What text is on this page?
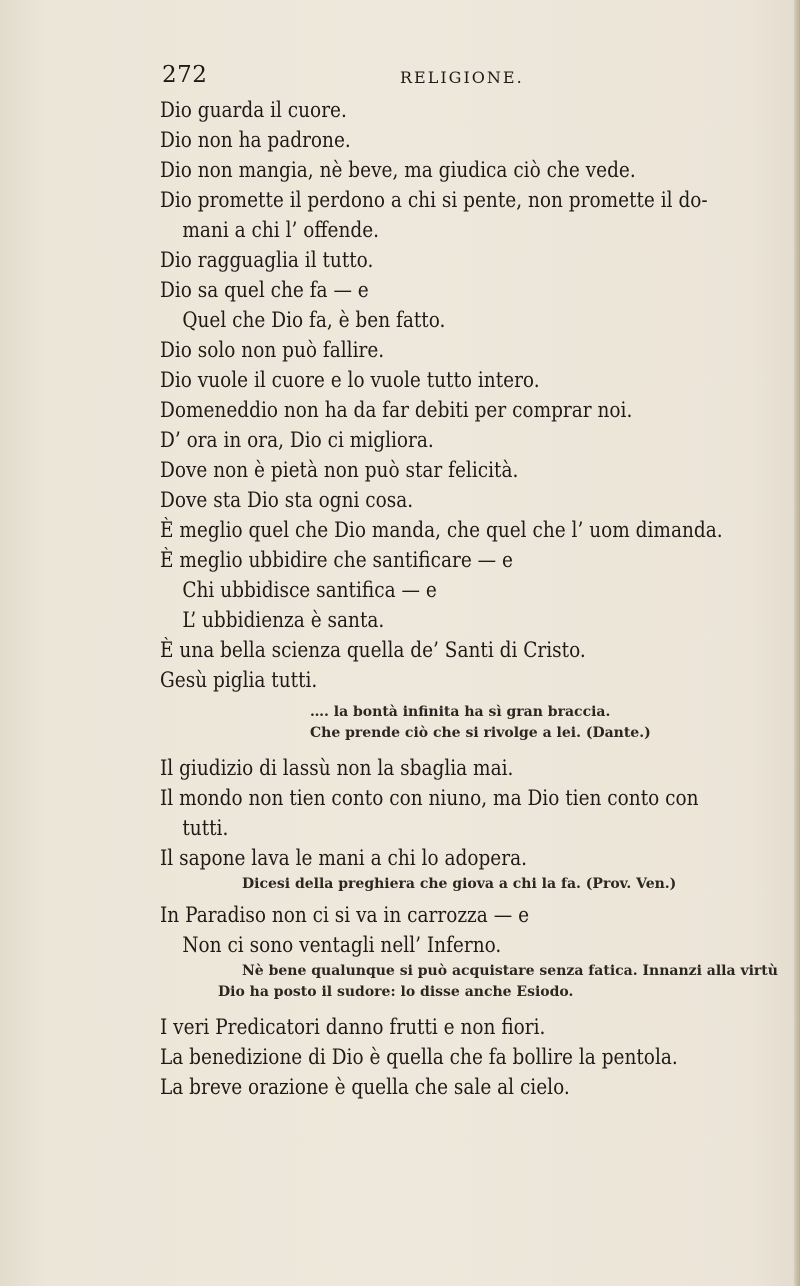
272	RELIGIONE.
Dio guarda il cuore.
Dio non ha padrone.
Dio non mangia, nè beve, ma giudica ciò che vede.
Dio promette il perdono a chi si pente, non promette il do-
mani a chi l’ offende.
Dio ragguaglia il tutto.
Dio sa quel che fa — e
Quel che Dio fa, è ben fatto.
Dio solo non può fallire.
Dio vuole il cuore e lo vuole tutto intero.
Domeneddio non ha da far debiti per comprar noi.
D’ ora in ora, Dio ci migliora.
Dove non è pietà non può star felicità.
Dove sta Dio sta ogni cosa.
È meglio quel che Dio manda, che quel che l’ uom dimanda.
È meglio ubbidire che santificare — e
Chi ubbidisce santifica — e
L’ ubbidienza è santa.
È una bella scienza quella de’ Santi di Cristo.
Gesù piglia tutti.
…. la bontà infinita ha sì gran braccia.
Che prende ciò che si rivolge a lei. (Dante.)
Il giudizio di lassù non la sbaglia mai.
Il mondo non tien conto con niuno, ma Dio tien conto con
tutti.
Il sapone lava le mani a chi lo adopera.
Dicesi della preghiera che giova a chi la fa. (Prov. Ven.)
In Paradiso non ci si va in carrozza — e
Non ci sono ventagli nell’ Inferno.
Nè bene qualunque si può acquistare senza fatica. Innanzi alla virtù
Dio ha posto il sudore: lo disse anche Esiodo.
I veri Predicatori danno frutti e non fiori.
La benedizione di Dio è quella che fa bollire la pentola.
La breve orazione è quella che sale al cielo.
